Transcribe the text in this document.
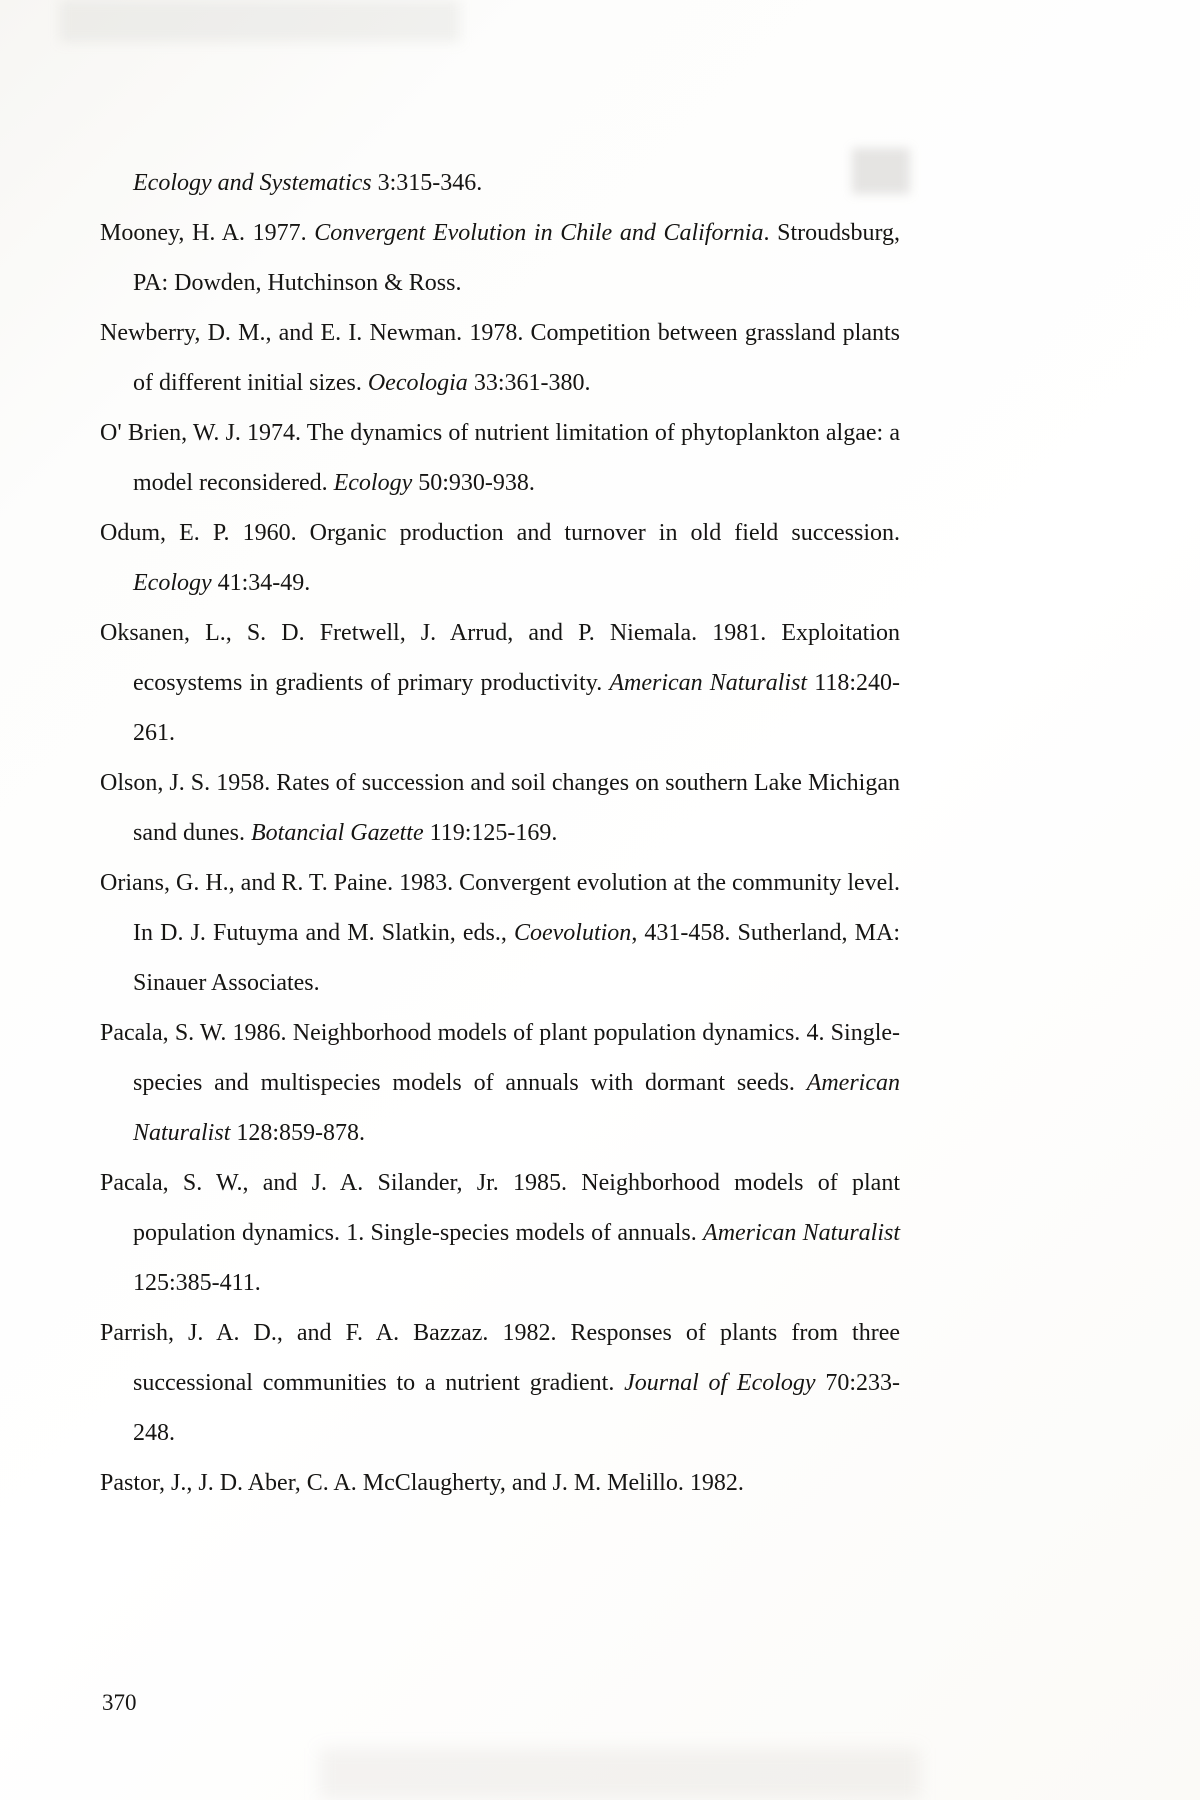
Ecology and Systematics 3:315-346.

Mooney, H. A. 1977. Convergent Evolution in Chile and California. Stroudsburg, PA: Dowden, Hutchinson & Ross.

Newberry, D. M., and E. I. Newman. 1978. Competition between grassland plants of different initial sizes. Oecologia 33:361-380.

O' Brien, W. J. 1974. The dynamics of nutrient limitation of phytoplankton algae: a model reconsidered. Ecology 50:930-938.

Odum, E. P. 1960. Organic production and turnover in old field succession. Ecology 41:34-49.

Oksanen, L., S. D. Fretwell, J. Arrud, and P. Niemala. 1981. Exploitation ecosystems in gradients of primary productivity. American Naturalist 118:240-261.

Olson, J. S. 1958. Rates of succession and soil changes on southern Lake Michigan sand dunes. Botancial Gazette 119:125-169.

Orians, G. H., and R. T. Paine. 1983. Convergent evolution at the community level. In D. J. Futuyma and M. Slatkin, eds., Coevolution, 431-458. Sutherland, MA: Sinauer Associates.

Pacala, S. W. 1986. Neighborhood models of plant population dynamics. 4. Single-species and multispecies models of annuals with dormant seeds. American Naturalist 128:859-878.

Pacala, S. W., and J. A. Silander, Jr. 1985. Neighborhood models of plant population dynamics. 1. Single-species models of annuals. American Naturalist 125:385-411.

Parrish, J. A. D., and F. A. Bazzaz. 1982. Responses of plants from three successional communities to a nutrient gradient. Journal of Ecology 70:233-248.

Pastor, J., J. D. Aber, C. A. McClaugherty, and J. M. Melillo. 1982.

370
